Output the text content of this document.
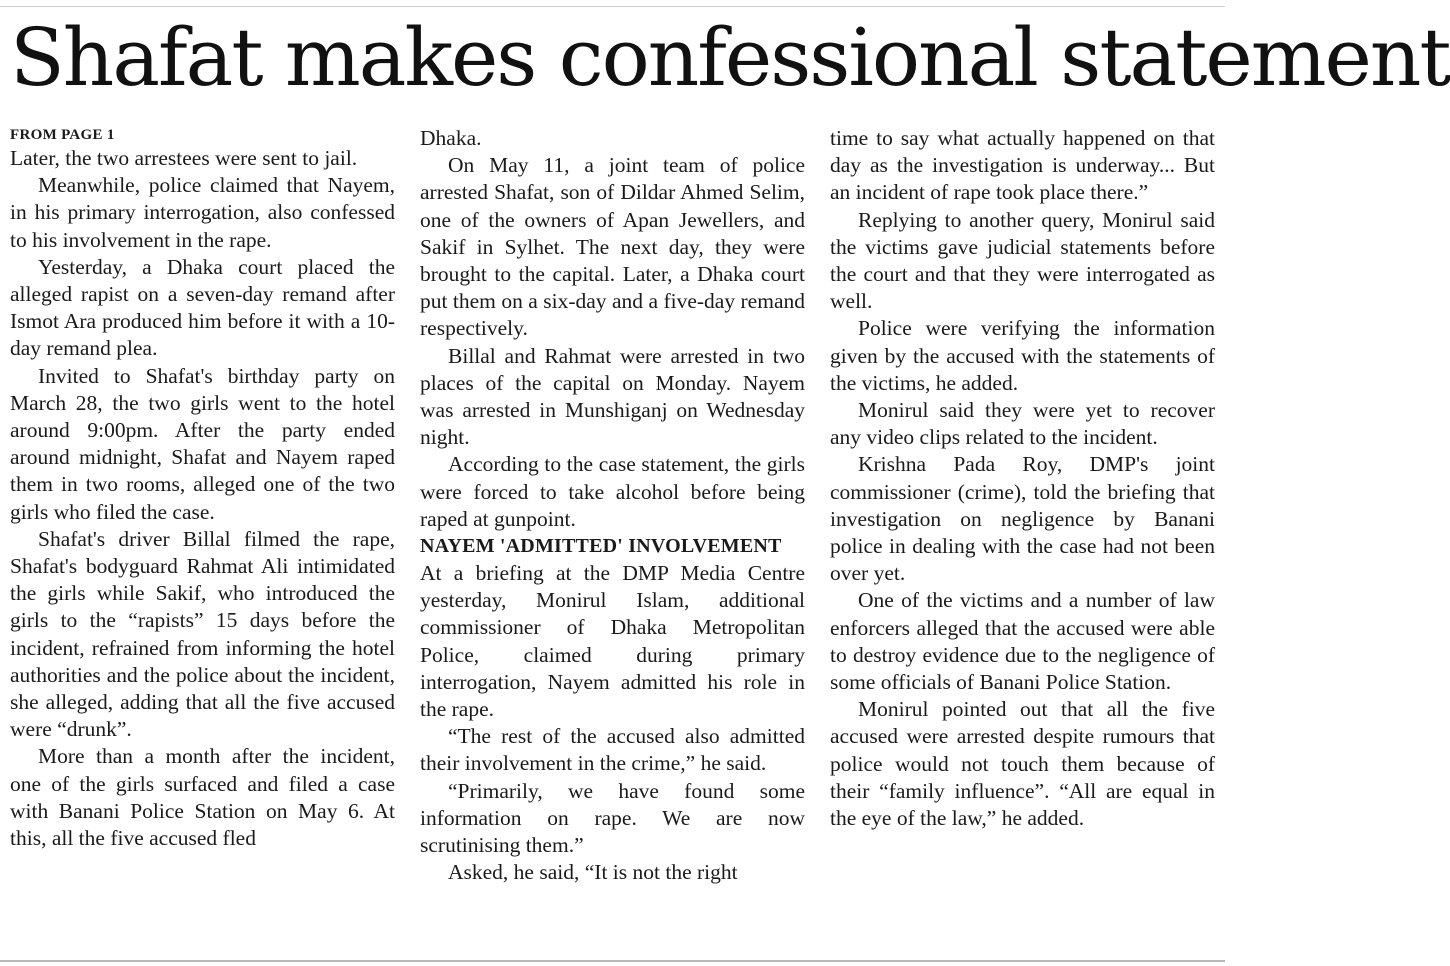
Shafat makes confessional statement
FROM PAGE 1

Later, the two arrestees were sent to jail.

Meanwhile, police claimed that Nayem, in his primary interrogation, also confessed to his involvement in the rape.

Yesterday, a Dhaka court placed the alleged rapist on a seven-day remand after Ismot Ara produced him before it with a 10-day remand plea.

Invited to Shafat's birthday party on March 28, the two girls went to the hotel around 9:00pm. After the party ended around midnight, Shafat and Nayem raped them in two rooms, alleged one of the two girls who filed the case.

Shafat's driver Billal filmed the rape, Shafat's bodyguard Rahmat Ali intimidated the girls while Sakif, who introduced the girls to the “rapists” 15 days before the incident, refrained from informing the hotel authorities and the police about the incident, she alleged, adding that all the five accused were “drunk”.

More than a month after the incident, one of the girls surfaced and filed a case with Banani Police Station on May 6. At this, all the five accused fled

Dhaka.

On May 11, a joint team of police arrested Shafat, son of Dildar Ahmed Selim, one of the owners of Apan Jewellers, and Sakif in Sylhet. The next day, they were brought to the capital. Later, a Dhaka court put them on a six-day and a five-day remand respectively.

Billal and Rahmat were arrested in two places of the capital on Monday. Nayem was arrested in Munshiganj on Wednesday night.

According to the case statement, the girls were forced to take alcohol before being raped at gunpoint.

NAYEM 'ADMITTED' INVOLVEMENT

At a briefing at the DMP Media Centre yesterday, Monirul Islam, additional commissioner of Dhaka Metropolitan Police, claimed during primary interrogation, Nayem admitted his role in the rape.

“The rest of the accused also admitted their involvement in the crime,” he said.

“Primarily, we have found some information on rape. We are now scrutinising them.”

Asked, he said, “It is not the right

time to say what actually happened on that day as the investigation is underway... But an incident of rape took place there.”

Replying to another query, Monirul said the victims gave judicial statements before the court and that they were interrogated as well.

Police were verifying the information given by the accused with the statements of the victims, he added.

Monirul said they were yet to recover any video clips related to the incident.

Krishna Pada Roy, DMP's joint commissioner (crime), told the briefing that investigation on negligence by Banani police in dealing with the case had not been over yet.

One of the victims and a number of law enforcers alleged that the accused were able to destroy evidence due to the negligence of some officials of Banani Police Station.

Monirul pointed out that all the five accused were arrested despite rumours that police would not touch them because of their “family influence”. “All are equal in the eye of the law,” he added.
